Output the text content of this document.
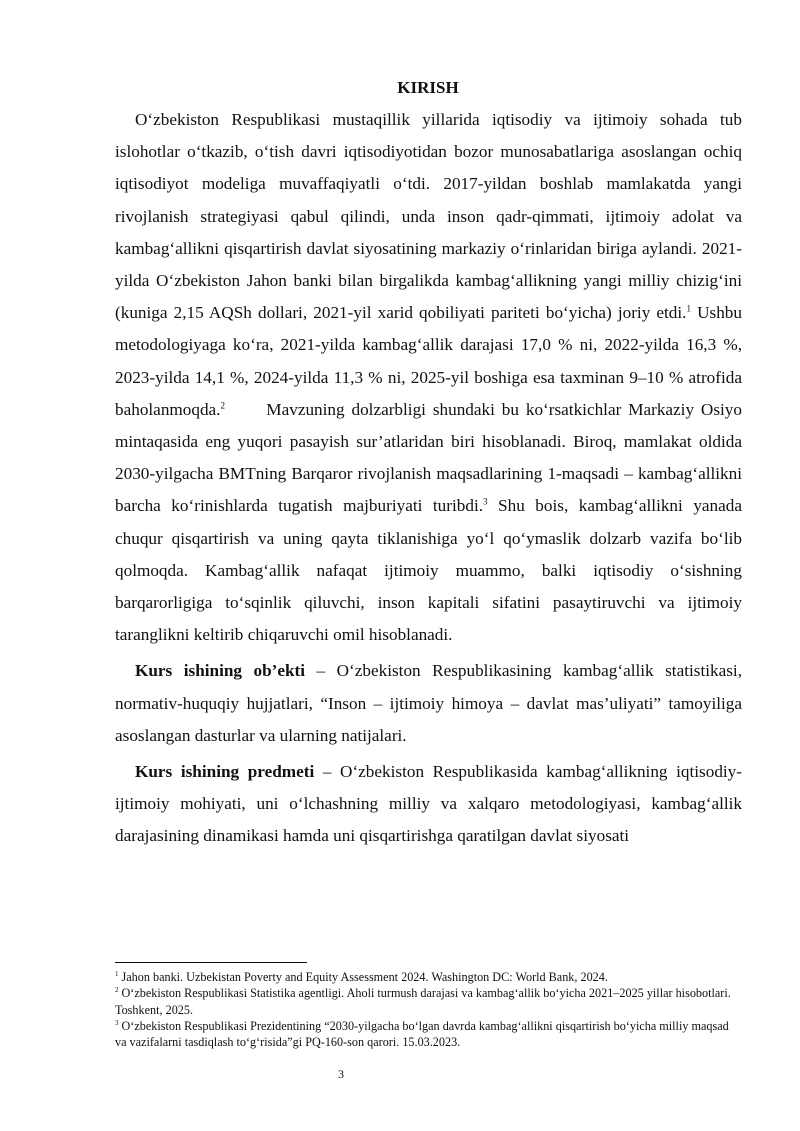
KIRISH

O‘zbekiston Respublikasi mustaqillik yillarida iqtisodiy va ijtimoiy sohada tub islohotlar o‘tkazib, o‘tish davri iqtisodiyotidan bozor munosabatlariga asoslangan ochiq iqtisodiyot modeliga muvaffaqiyatli o‘tdi. 2017-yildan boshlab mamlakatda yangi rivojlanish strategiyasi qabul qilindi, unda inson qadr-qimmati, ijtimoiy adolat va kambag‘allikni qisqartirish davlat siyosatining markaziy o‘rinlaridan biriga aylandi. 2021-yilda O‘zbekiston Jahon banki bilan birgalikda kambag‘allikning yangi milliy chizig‘ini (kuniga 2,15 AQSh dollari, 2021-yil xarid qobiliyati pariteti bo‘yicha) joriy etdi.$^1$ Ushbu metodologiyaga ko‘ra, 2021-yilda kambag‘allik darajasi 17,0 % ni, 2022-yilda 16,3 %, 2023-yilda 14,1 %, 2024-yilda 11,3 % ni, 2025-yil boshiga esa taxminan 9–10 % atrofida baholanmoqda.$^2$      Mavzuning dolzarbligi shundaki bu ko‘rsatkichlar Markaziy Osiyo mintaqasida eng yuqori pasayish sur’atlaridan biri hisoblanadi. Biroq, mamlakat oldida 2030-yilgacha BMTning Barqaror rivojlanish maqsadlarining 1-maqsadi – kambag‘allikni barcha ko‘rinishlarda tugatish majburiyati turibdi.$^3$ Shu bois, kambag‘allikni yanada chuqur qisqartirish va uning qayta tiklanishiga yo‘l qo‘ymaslik dolzarb vazifa bo‘lib qolmoqda. Kambag‘allik nafaqat ijtimoiy muammo, balki iqtisodiy o‘sishning barqarorligiga to‘sqinlik qiluvchi, inson kapitali sifatini pasaytiruvchi va ijtimoiy taranglikni keltirib chiqaruvchi omil hisoblanadi.

Kurs ishining ob’ekti – O‘zbekiston Respublikasining kambag‘allik statistikasi, normativ-huquqiy hujjatlari, “Inson – ijtimoiy himoya – davlat mas’uliyati” tamoyiliga asoslangan dasturlar va ularning natijalari.

Kurs ishining predmeti – O‘zbekiston Respublikasida kambag‘allikning iqtisodiy-ijtimoiy mohiyati, uni o‘lchashning milliy va xalqaro metodologiyasi, kambag‘allik darajasining dinamikasi hamda uni qisqartirishga qaratilgan davlat siyosati

$^1$ Jahon banki. Uzbekistan Poverty and Equity Assessment 2024. Washington DC: World Bank, 2024.

$^2$ O‘zbekiston Respublikasi Statistika agentligi. Aholi turmush darajasi va kambag‘allik bo‘yicha 2021–2025 yillar hisobotlari. Toshkent, 2025.

$^3$ O‘zbekiston Respublikasi Prezidentining “2030-yilgacha bo‘lgan davrda kambag‘allikni qisqartirish bo‘yicha milliy maqsad va vazifalarni tasdiqlash to‘g‘risida”gi PQ-160-son qarori. 15.03.2023.

3
